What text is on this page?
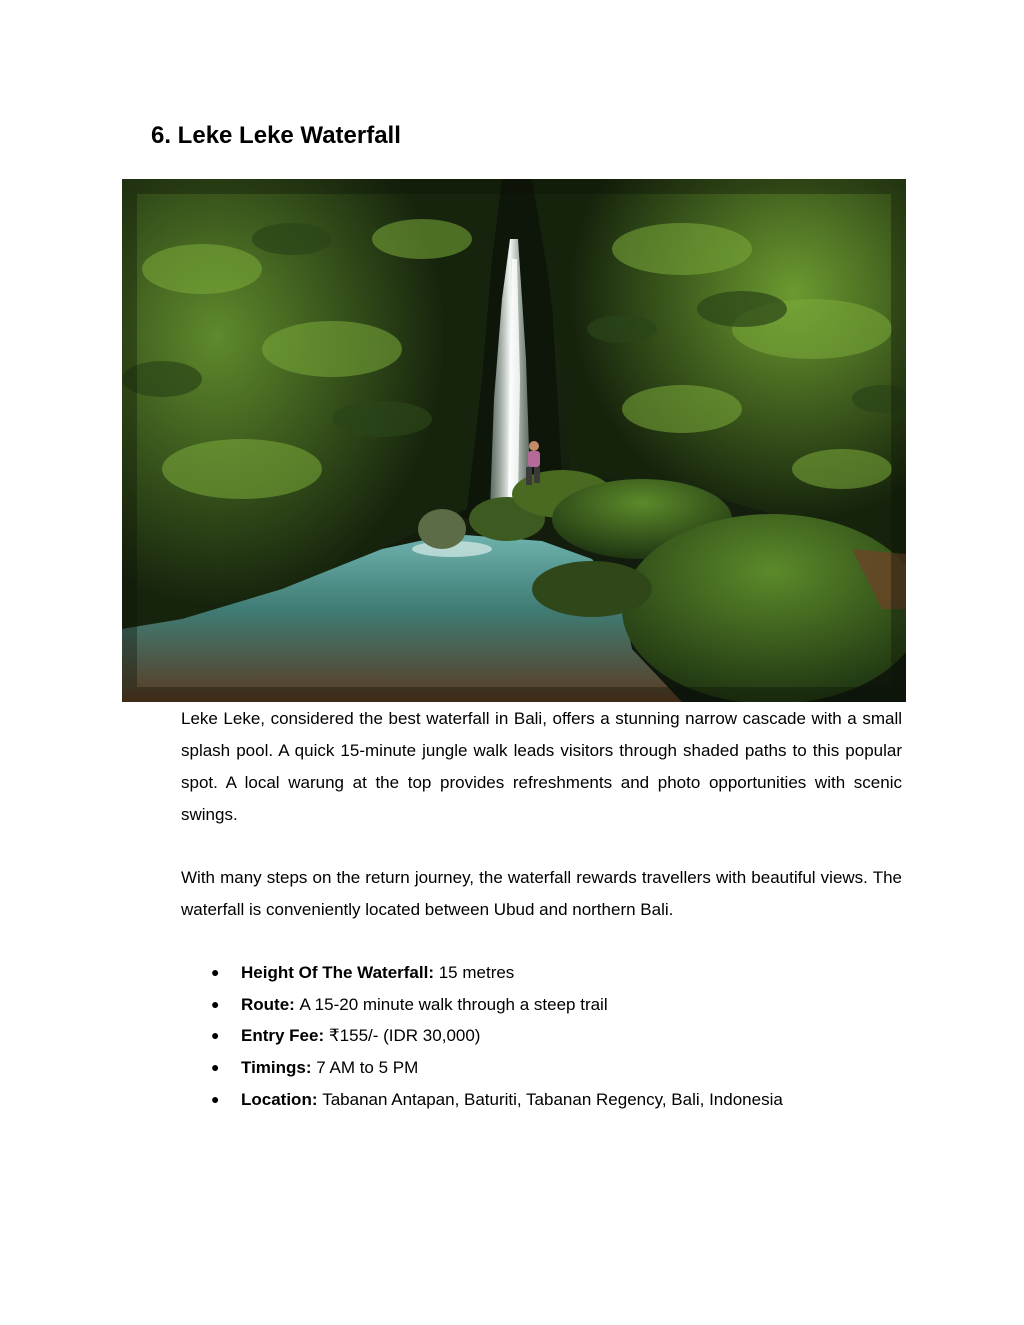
6. Leke Leke Waterfall

Leke Leke, considered the best waterfall in Bali, offers a stunning narrow cascade with a small splash pool. A quick 15-minute jungle walk leads visitors through shaded paths to this popular spot. A local warung at the top provides refreshments and photo opportunities with scenic swings.

With many steps on the return journey, the waterfall rewards travellers with beautiful views. The waterfall is conveniently located between Ubud and northern Bali.

● Height Of The Waterfall: 15 metres
● Route: A 15-20 minute walk through a steep trail
● Entry Fee: ₹155/- (IDR 30,000)
● Timings: 7 AM to 5 PM
● Location: Tabanan Antapan, Baturiti, Tabanan Regency, Bali, Indonesia
